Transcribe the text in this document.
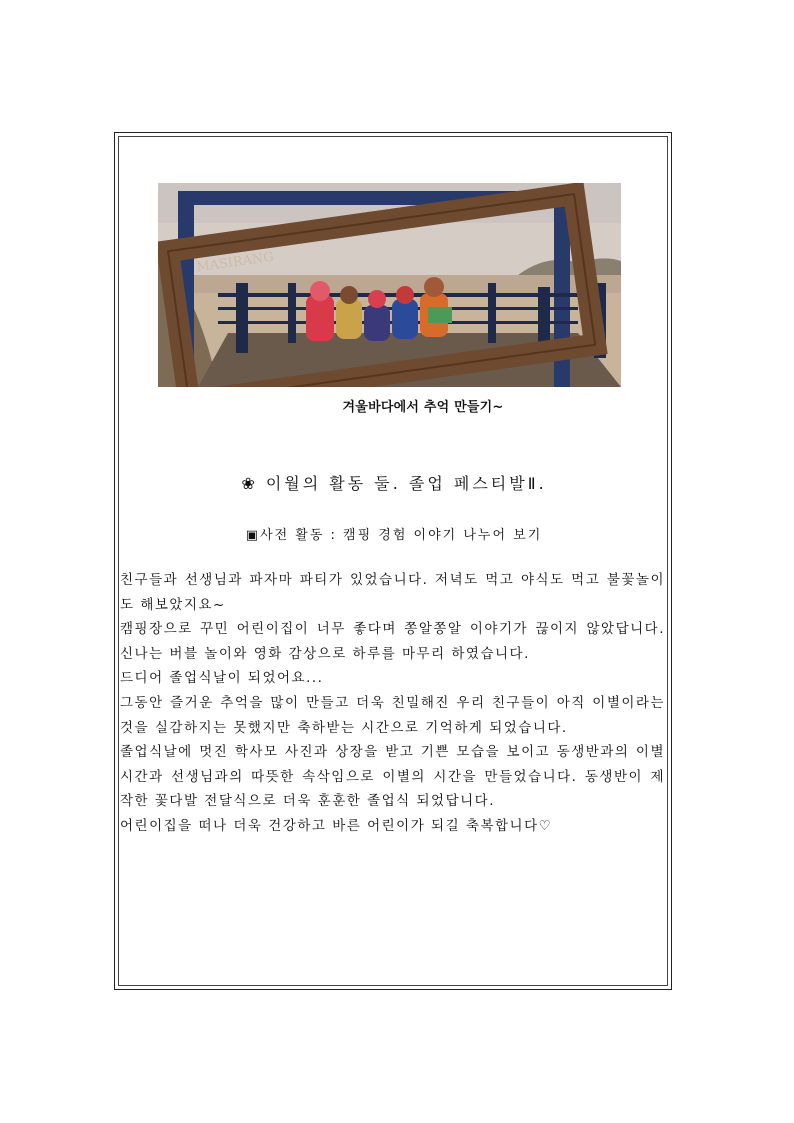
MASIRANG
겨울바다에서 추억 만들기~
❀ 이월의 활동 둘. 졸업 페스티발Ⅱ.
▣사전 활동 : 캠핑 경험 이야기 나누어 보기

친구들과 선생님과 파자마 파티가 있었습니다. 저녁도 먹고 야식도 먹고 불꽃놀이도 해보았지요~

캠핑장으로 꾸민 어린이집이 너무 좋다며 쫑알쫑알 이야기가 끊이지 않았답니다. 신나는 버블 놀이와 영화 감상으로 하루를 마무리 하였습니다.

드디어 졸업식날이 되었어요...

그동안 즐거운 추억을 많이 만들고 더욱 친밀해진 우리 친구들이 아직 이별이라는 것을 실감하지는 못했지만 축하받는 시간으로 기억하게 되었습니다.

졸업식날에 멋진 학사모 사진과 상장을 받고 기쁜 모습을 보이고 동생반과의 이별 시간과 선생님과의 따뜻한 속삭임으로 이별의 시간을 만들었습니다. 동생반이 제작한 꽃다발 전달식으로 더욱 훈훈한 졸업식 되었답니다.

어린이집을 떠나 더욱 건강하고 바른 어린이가 되길 축복합니다♡
